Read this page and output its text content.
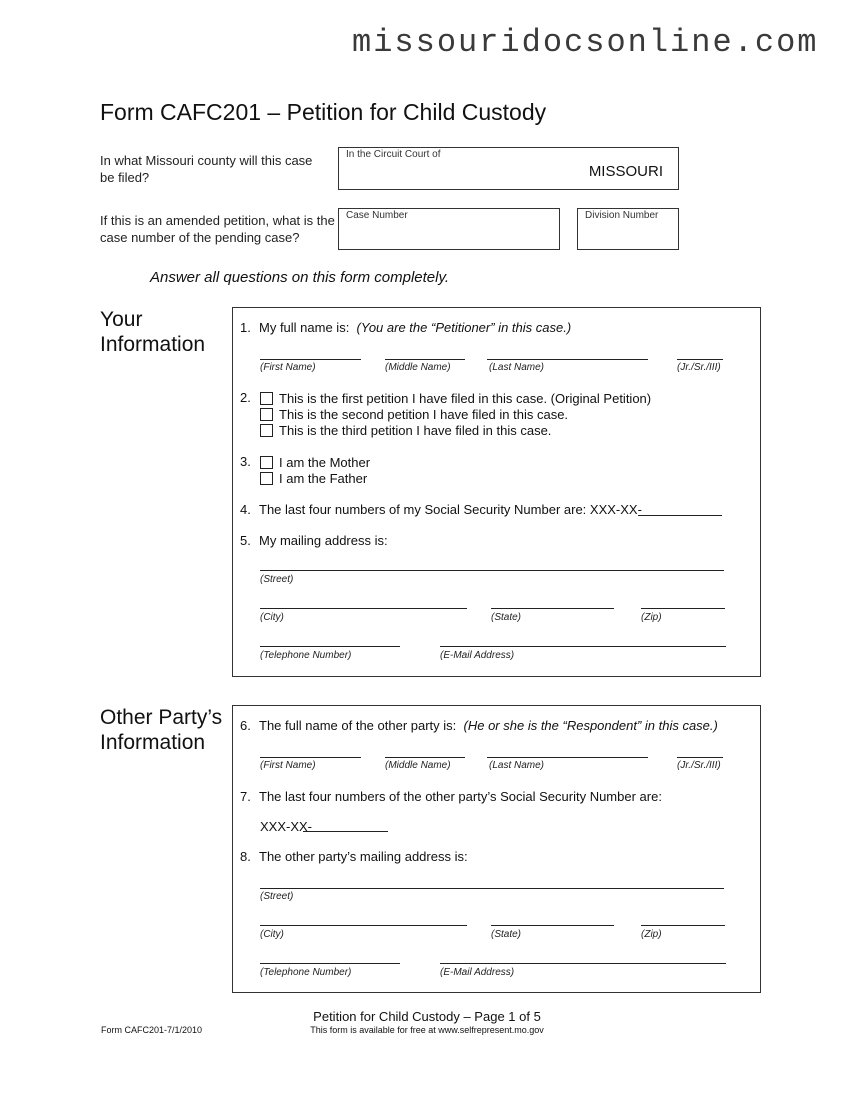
missouridocsonline.com
Form CAFC201 – Petition for Child Custody
In what Missouri county will this case be filed?
In the Circuit Court of
MISSOURI
If this is an amended petition, what is the case number of the pending case?
Case Number	Division Number
Answer all questions on this form completely.
Your
Information
1. My full name is: (You are the “Petitioner” in this case.)
(First Name)	(Middle Name)	(Last Name)	(Jr./Sr./III)
2.	This is the first petition I have filed in this case. (Original Petition)
This is the second petition I have filed in this case.
This is the third petition I have filed in this case.
3.	I am the Mother
I am the Father
4. The last four numbers of my Social Security Number are: XXX-XX-
5. My mailing address is:
(Street)
(City)	(State)	(Zip)
(Telephone Number)	(E-Mail Address)
Other Party’s
Information
6. The full name of the other party is: (He or she is the “Respondent” in this case.)
(First Name)	(Middle Name)	(Last Name)	(Jr./Sr./III)
7. The last four numbers of the other party’s Social Security Number are:
XXX-XX-
8. The other party’s mailing address is:
(Street)
(City)	(State)	(Zip)
(Telephone Number)	(E-Mail Address)
Petition for Child Custody – Page 1 of 5
Form CAFC201-7/1/2010	This form is available for free at www.selfrepresent.mo.gov
